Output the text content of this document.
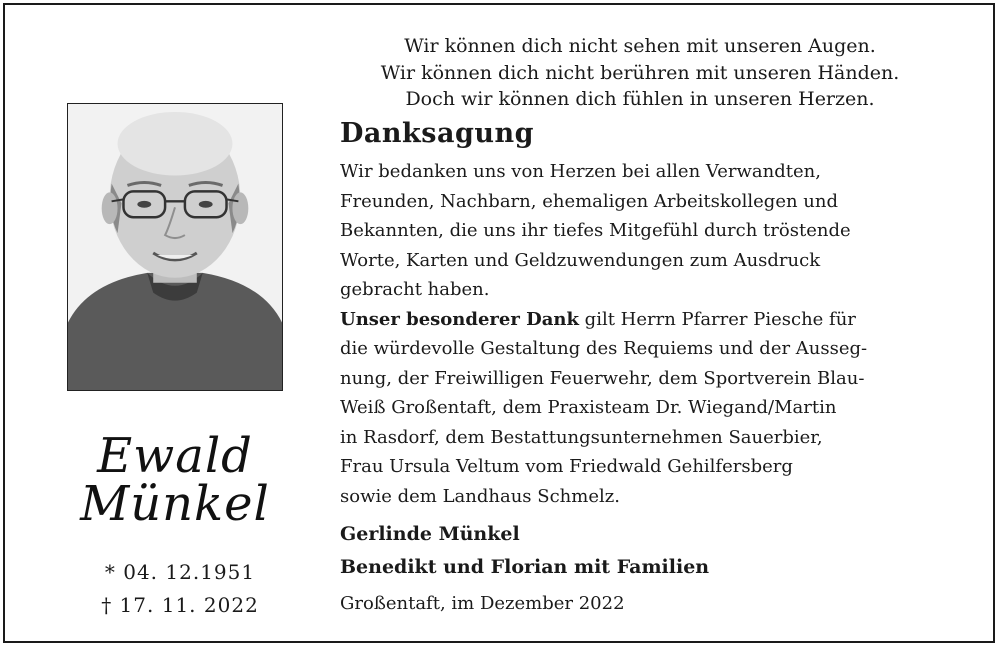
Wir können dich nicht sehen mit unseren Augen.
Wir können dich nicht berühren mit unseren Händen.
Doch wir können dich fühlen in unseren Herzen.
Ewald
Münkel
* 04. 12.1951
† 17. 11. 2022
Danksagung
Wir bedanken uns von Herzen bei allen Verwandten,
Freunden, Nachbarn, ehemaligen Arbeitskollegen und
Bekannten, die uns ihr tiefes Mitgefühl durch tröstende
Worte, Karten und Geldzuwendungen zum Ausdruck
gebracht haben.
Unser besonderer Dank gilt Herrn Pfarrer Piesche für
die würdevolle Gestaltung des Requiems und der Ausseg-
nung, der Freiwilligen Feuerwehr, dem Sportverein Blau-
Weiß Großentaft, dem Praxisteam Dr. Wiegand/Martin
in Rasdorf, dem Bestattungsunternehmen Sauerbier,
Frau Ursula Veltum vom Friedwald Gehilfersberg
sowie dem Landhaus Schmelz.
Gerlinde Münkel
Benedikt und Florian mit Familien
Großentaft, im Dezember 2022
